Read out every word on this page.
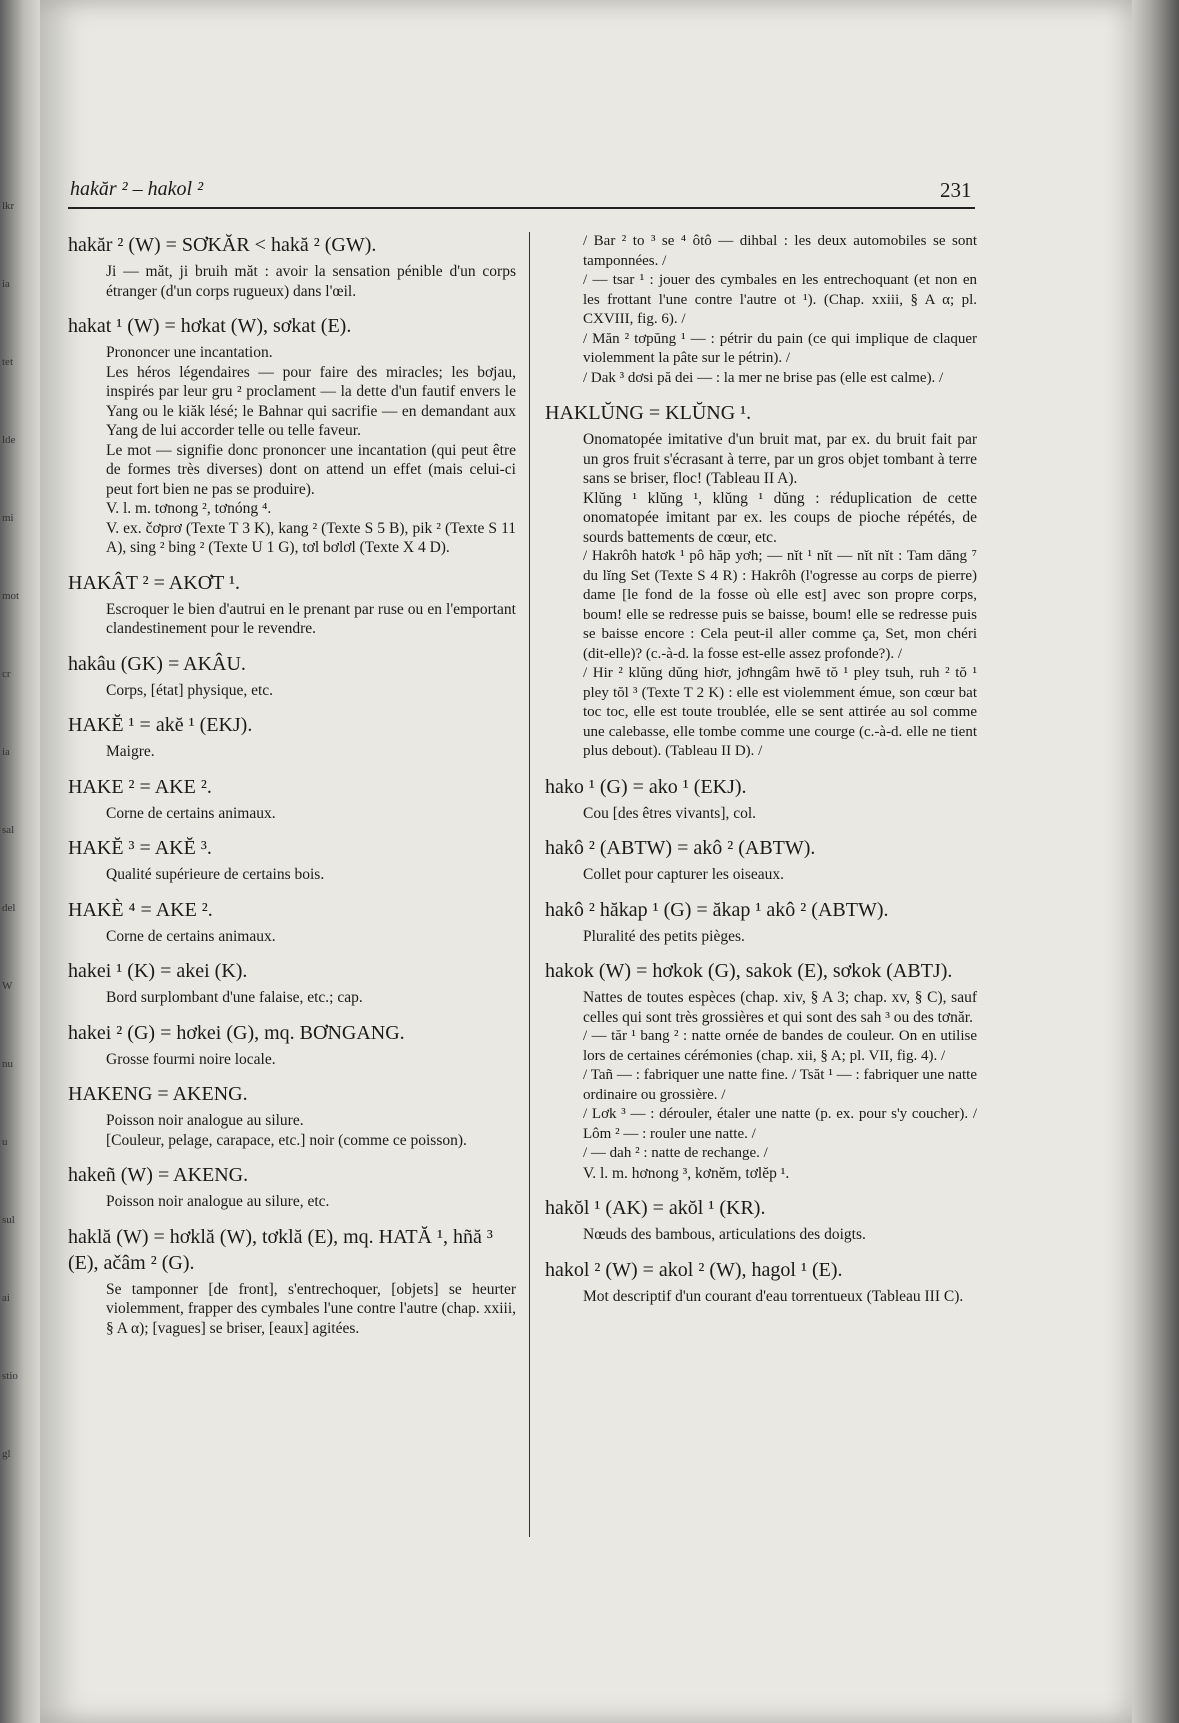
lkr
ia
tet
lde
mi
mot
cr
ia
sal
del
W
nu
u
sul
ai
stio
gl
hakăr ² – hakol ²	231
hakăr ² (W) = SƠKĂR < hakă ² (GW).
Ji — măt, ji bruih măt : avoir la sensation pénible d'un corps étranger (d'un corps rugueux) dans l'œil.
hakat ¹ (W) = hơkat (W), sơkat (E).
Prononcer une incantation.
Les héros légendaires — pour faire des miracles; les bơjau, inspirés par leur gru ² proclament — la dette d'un fautif envers le Yang ou le kiăk lésé; le Bahnar qui sacrifie — en demandant aux Yang de lui accorder telle ou telle faveur.
Le mot — signifie donc prononcer une incantation (qui peut être de formes très diverses) dont on attend un effet (mais celui-ci peut fort bien ne pas se produire).
V. l. m. tơnong ², tơnóng ⁴.
V. ex. čơprơ (Texte T 3 K), kang ² (Texte S 5 B), pik ² (Texte S 11 A), sing ² bing ² (Texte U 1 G), tơl bơlơl (Texte X 4 D).
HAKÂT ² = AKƠT ¹.
Escroquer le bien d'autrui en le prenant par ruse ou en l'emportant clandestinement pour le revendre.
hakâu (GK) = AKÂU.
Corps, [état] physique, etc.
HAKĔ ¹ = akĕ ¹ (EKJ).
Maigre.
HAKE ² = AKE ².
Corne de certains animaux.
HAKĔ ³ = AKĔ ³.
Qualité supérieure de certains bois.
HAKÈ ⁴ = AKE ².
Corne de certains animaux.
hakei ¹ (K) = akei (K).
Bord surplombant d'une falaise, etc.; cap.
hakei ² (G) = hơkei (G), mq. BƠNGANG.
Grosse fourmi noire locale.
HAKENG = AKENG.
Poisson noir analogue au silure.
[Couleur, pelage, carapace, etc.] noir (comme ce poisson).
hakeñ (W) = AKENG.
Poisson noir analogue au silure, etc.
haklă (W) = hơklă (W), tơklă (E), mq. HATĂ ¹, hñă ³ (E), ačâm ² (G).
Se tamponner [de front], s'entrechoquer, [objets] se heurter violemment, frapper des cymbales l'une contre l'autre (chap. xxiii, § A α); [vagues] se briser, [eaux] agitées.
/ Bar ² to ³ se ⁴ ôtô — dihbal : les deux automobiles se sont tamponnées. /
/ — tsar ¹ : jouer des cymbales en les entrechoquant (et non en les frottant l'une contre l'autre ot ¹). (Chap. xxiii, § A α; pl. CXVIII, fig. 6). /
/ Măn ² tơpŭng ¹ — : pétrir du pain (ce qui implique de claquer violemment la pâte sur le pétrin). /
/ Dak ³ dơsi pă dei — : la mer ne brise pas (elle est calme). /
HAKLŬNG = KLŬNG ¹.
Onomatopée imitative d'un bruit mat, par ex. du bruit fait par un gros fruit s'écrasant à terre, par un gros objet tombant à terre sans se briser, floc! (Tableau II A).
Klŭng ¹ klŭng ¹, klŭng ¹ dŭng : réduplication de cette onomatopée imitant par ex. les coups de pioche répétés, de sourds battements de cœur, etc.
/ Hakrôh hatơk ¹ pô hăp yơh; — nĭt ¹ nĭt — nĭt nĭt : Tam dăng ⁷ du lĭng Set (Texte S 4 R) : Hakrôh (l'ogresse au corps de pierre) dame [le fond de la fosse où elle est] avec son propre corps, boum! elle se redresse puis se baisse, boum! elle se redresse puis se baisse encore : Cela peut-il aller comme ça, Set, mon chéri (dit-elle)? (c.-à-d. la fosse est-elle assez profonde?). /
/ Hir ² klŭng dŭng hiơr, jơhngâm hwĕ tŏ ¹ pley tsuh, ruh ² tŏ ¹ pley tŏl ³ (Texte T 2 K) : elle est violemment émue, son cœur bat toc toc, elle est toute troublée, elle se sent attirée au sol comme une calebasse, elle tombe comme une courge (c.-à-d. elle ne tient plus debout). (Tableau II D). /
hako ¹ (G) = ako ¹ (EKJ).
Cou [des êtres vivants], col.
hakô ² (ABTW) = akô ² (ABTW).
Collet pour capturer les oiseaux.
hakô ² hăkap ¹ (G) = ăkap ¹ akô ² (ABTW).
Pluralité des petits pièges.
hakok (W) = hơkok (G), sakok (E), sơkok (ABTJ).
Nattes de toutes espèces (chap. xiv, § A 3; chap. xv, § C), sauf celles qui sont très grossières et qui sont des sah ³ ou des tơnăr.
/ — tăr ¹ bang ² : natte ornée de bandes de couleur. On en utilise lors de certaines cérémonies (chap. xii, § A; pl. VII, fig. 4). /
/ Tañ — : fabriquer une natte fine. / Tsăt ¹ — : fabriquer une natte ordinaire ou grossière. /
/ Lơk ³ — : dérouler, étaler une natte (p. ex. pour s'y coucher). / Lôm ² — : rouler une natte. /
/ — dah ² : natte de rechange. /
V. l. m. hơnong ³, kơnĕm, tơlĕp ¹.
hakŏl ¹ (AK) = akŏl ¹ (KR).
Nœuds des bambous, articulations des doigts.
hakol ² (W) = akol ² (W), hagol ¹ (E).
Mot descriptif d'un courant d'eau torrentueux (Tableau III C).
